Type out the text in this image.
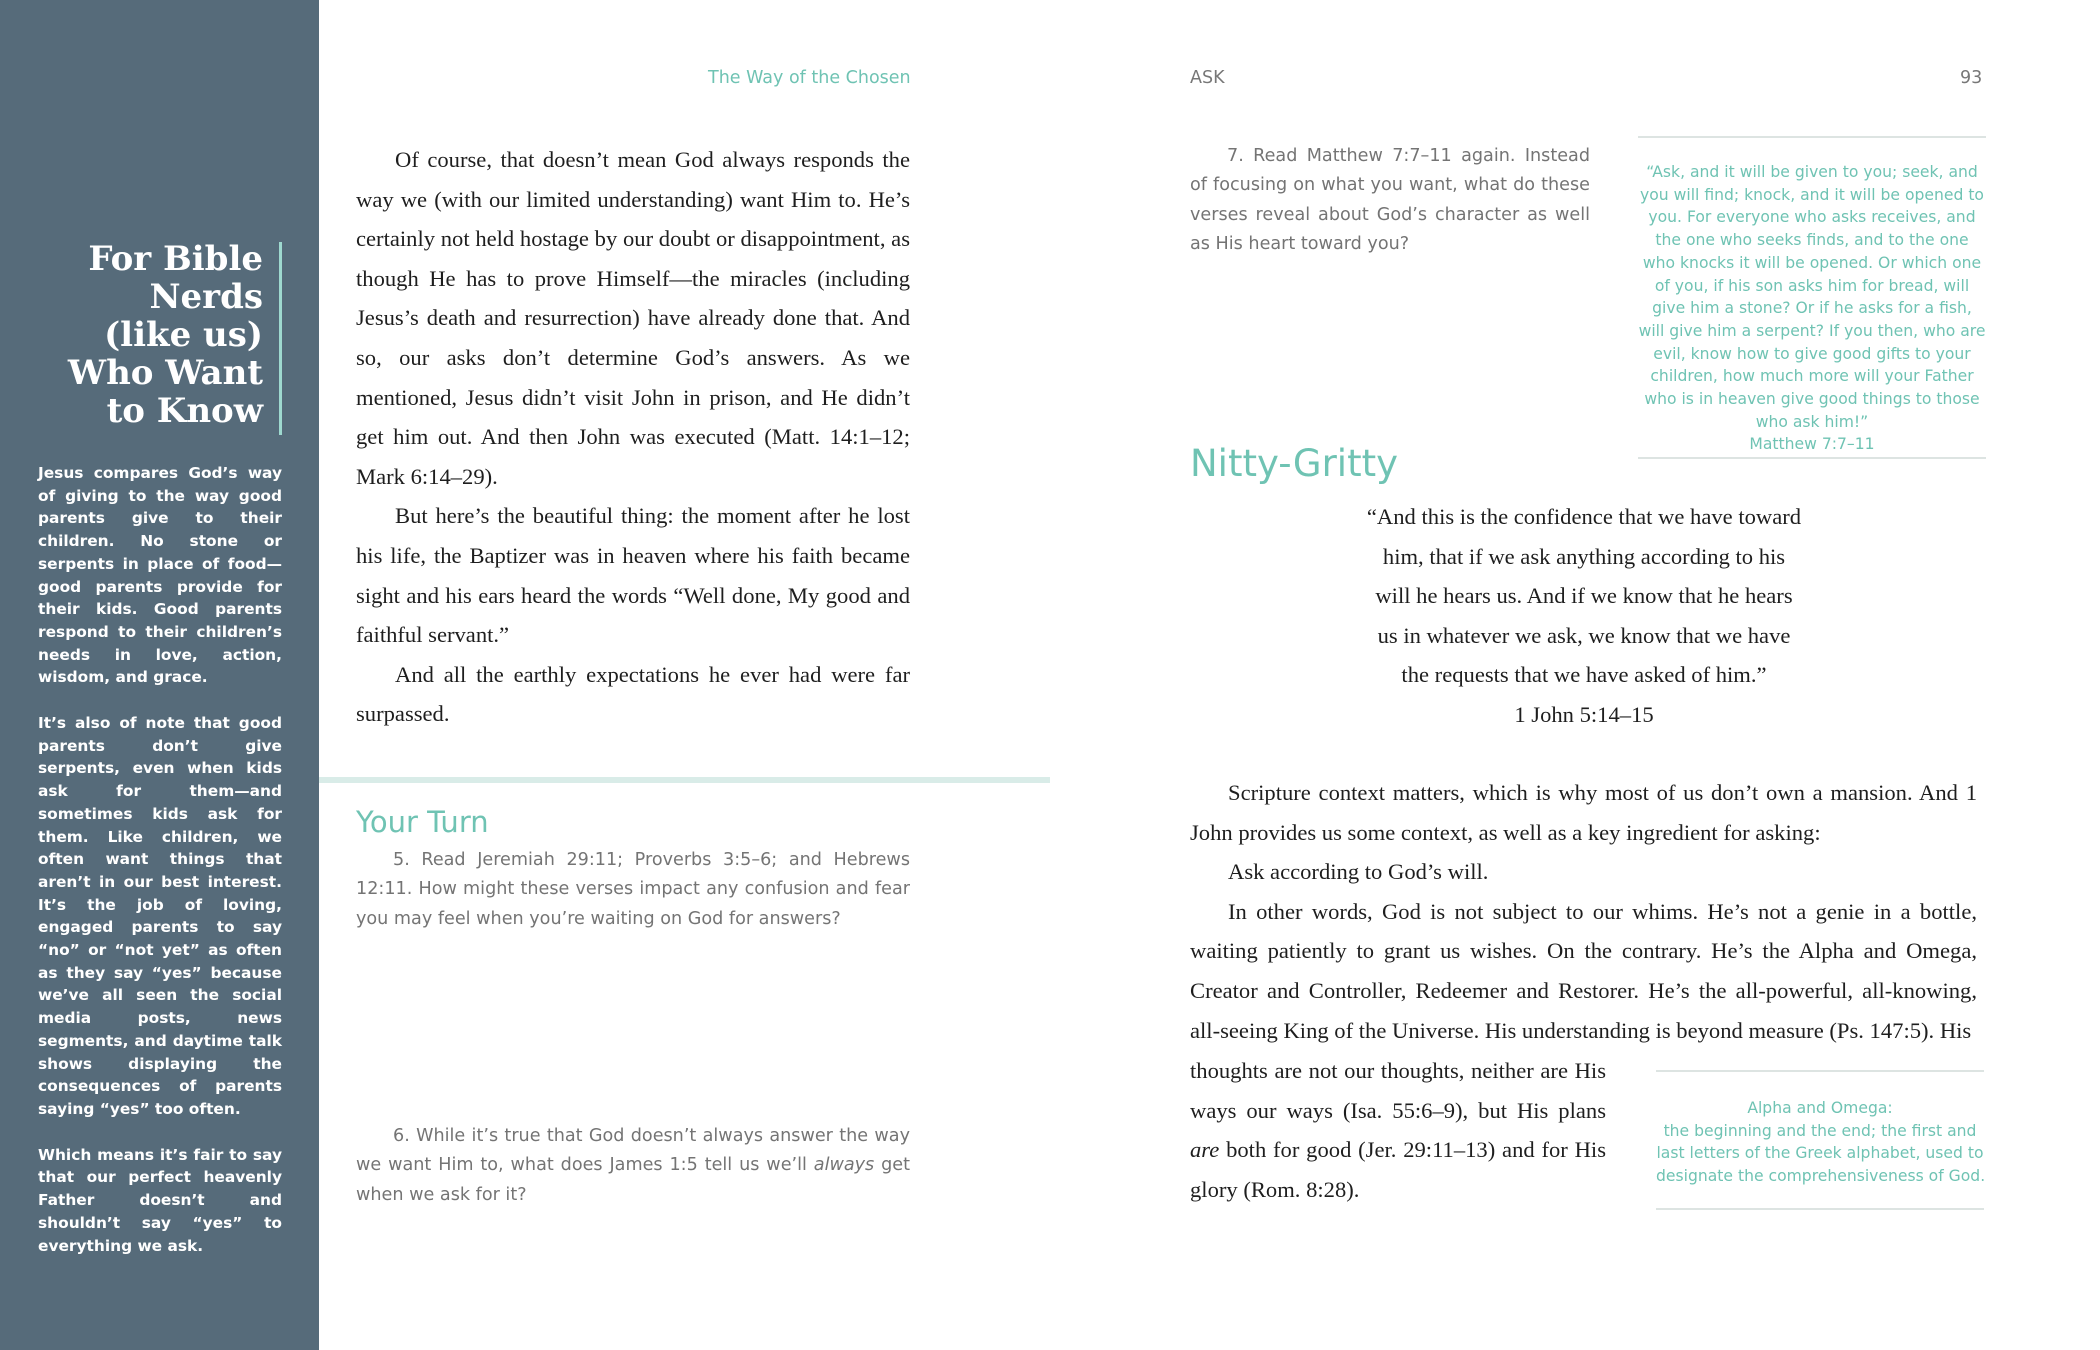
For Bible
Nerds
(like us)
Who Want
to Know

Jesus compares God’s way of giving to the way good parents give to their children. No stone or serpents in place of food—good parents provide for their kids. Good parents respond to their children’s needs in love, action, wisdom, and grace.

It’s also of note that good parents don’t give serpents, even when kids ask for them—and sometimes kids ask for them. Like children, we often want things that aren’t in our best interest. It’s the job of loving, engaged parents to say “no” or “not yet” as often as they say “yes” because we’ve all seen the social media posts, news segments, and daytime talk shows displaying the consequences of parents saying “yes” too often.

Which means it’s fair to say that our perfect heavenly Father doesn’t and shouldn’t say “yes” to everything we ask.

The Way of the Chosen

Of course, that doesn’t mean God always responds the way we (with our limited understanding) want Him to. He’s certainly not held hostage by our doubt or disappointment, as though He has to prove Himself—the miracles (including Jesus’s death and resurrection) have already done that. And so, our asks don’t determine God’s answers. As we mentioned, Jesus didn’t visit John in prison, and He didn’t get him out. And then John was executed (Matt. 14:1–12; Mark 6:14–29).

But here’s the beautiful thing: the moment after he lost his life, the Baptizer was in heaven where his faith became sight and his ears heard the words “Well done, My good and faithful servant.”

And all the earthly expectations he ever had were far surpassed.

Your Turn
5. Read Jeremiah 29:11; Proverbs 3:5–6; and Hebrews 12:11. How might these verses impact any confusion and fear you may feel when you’re waiting on God for answers?
6. While it’s true that God doesn’t always answer the way we want Him to, what does James 1:5 tell us we’ll always get when we ask for it?
ASK	93
7. Read Matthew 7:7–11 again. Instead of focusing on what you want, what do these verses reveal about God’s character as well as His heart toward you?
“Ask, and it will be given to you; seek, and you will find; knock, and it will be opened to you. For everyone who asks receives, and the one who seeks finds, and to the one who knocks it will be opened. Or which one of you, if his son asks him for bread, will give him a stone? Or if he asks for a fish, will give him a serpent? If you then, who are evil, know how to give good gifts to your children, how much more will your Father who is in heaven give good things to those who ask him!”
Matthew 7:7–11
Nitty-Gritty
“And this is the confidence that we have toward
him, that if we ask anything according to his
will he hears us. And if we know that he hears
us in whatever we ask, we know that we have
the requests that we have asked of him.”
1 John 5:14–15

Scripture context matters, which is why most of us don’t own a mansion. And 1 John provides us some context, as well as a key ingredient for asking:

Ask according to God’s will.

In other words, God is not subject to our whims. He’s not a genie in a bottle, waiting patiently to grant us wishes. On the contrary. He’s the Alpha and Omega, Creator and Controller, Redeemer and Restorer. He’s the all-powerful, all-knowing, all-seeing King of the Universe. His understanding is beyond measure (Ps. 147:5). His

thoughts are not our thoughts, neither are His ways our ways (Isa. 55:6–9), but His plans are both for good (Jer. 29:11–13) and for His glory (Rom. 8:28).
Alpha and Omega:
the beginning and the end; the first and
last letters of the Greek alphabet, used to
designate the comprehensiveness of God.
